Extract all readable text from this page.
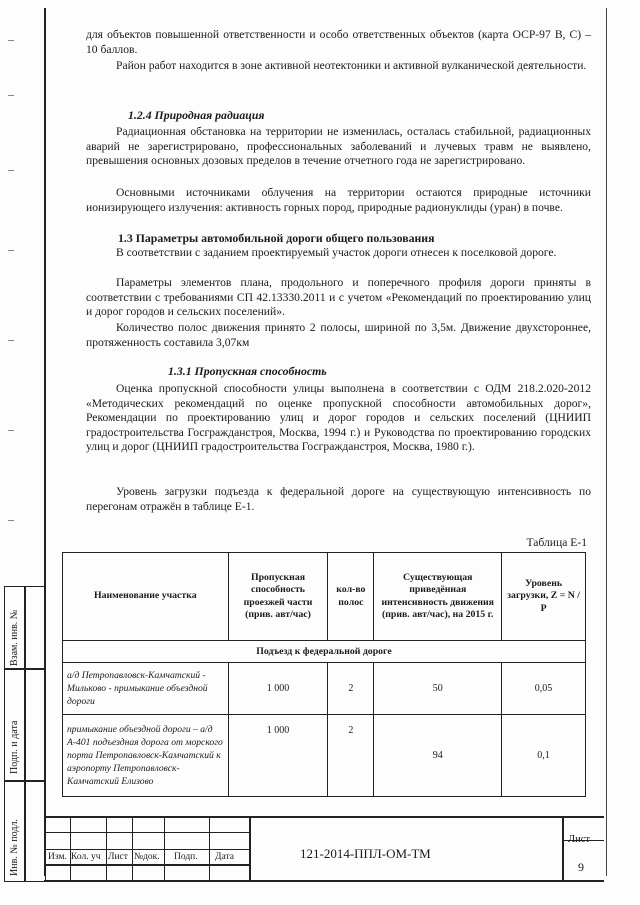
для объектов повышенной ответственности и особо ответственных объектов (карта ОСР-97 В, С) – 10 баллов.

Район работ находится в зоне активной неотектоники и активной вулканической деятельности.

1.2.4 Природная радиация

Радиационная обстановка на территории не изменилась, осталась стабильной, радиационных аварий не зарегистрировано, профессиональных заболеваний и лучевых травм не выявлено, превышения основных дозовых пределов в течение отчетного года не зарегистрировано.

Основными источниками облучения на территории остаются природные источники ионизирующего излучения: активность горных пород, природные радионуклиды (уран) в почве.

1.3 Параметры автомобильной дороги общего пользования

В соответствии с заданием проектируемый участок дороги отнесен к поселковой дороге.

Параметры элементов плана, продольного и поперечного профиля дороги приняты в соответствии с требованиями СП 42.13330.2011 и с учетом «Рекомендаций по проектированию улиц и дорог городов и сельских поселений».

Количество полос движения принято 2 полосы, шириной по 3,5м. Движение двухстороннее, протяженность составила 3,07км

1.3.1 Пропускная способность

Оценка пропускной способности улицы выполнена в соответствии с ОДМ 218.2.020-2012 «Методических рекомендаций по оценке пропускной способности автомобильных дорог», Рекомендации по проектированию улиц и дорог городов и сельских поселений (ЦНИИП градостроительства Госгражданстроя, Москва, 1994 г.) и Руководства по проектированию городских улиц и дорог (ЦНИИП градостроительства Госгражданстроя, Москва, 1980 г.).

Уровень загрузки подъезда к федеральной дороге на существующую интенсивность по перегонам отражён в таблице Е-1.

Таблица Е-1
Наименование участка	Пропускная способность проезжей части (прив. авт/час)	кол-во полос	Существующая приведённая интенсивность движения (прив. авт/час), на 2015 г.	Уровень загрузки, Z = N / P
Подъезд к федеральной дороге				
а/д Петропавловск-Камчатский - Мильково - примыкание объездной дороги	1 000	2	50	0,05
примыкание объездной дороги – а/д А-401 подъездная дорога от морского порта Петропавловск-Камчатский к аэропорту Петропавловск-Камчатский Елизово	1 000	2	94	0,1
Взам. инв. №
Подп. и дата
Инв. № подл.	Изм. Кол. уч Лист №док. Подп. Дата	121-2014-ППЛ-ОМ-ТМ
Лист
9
